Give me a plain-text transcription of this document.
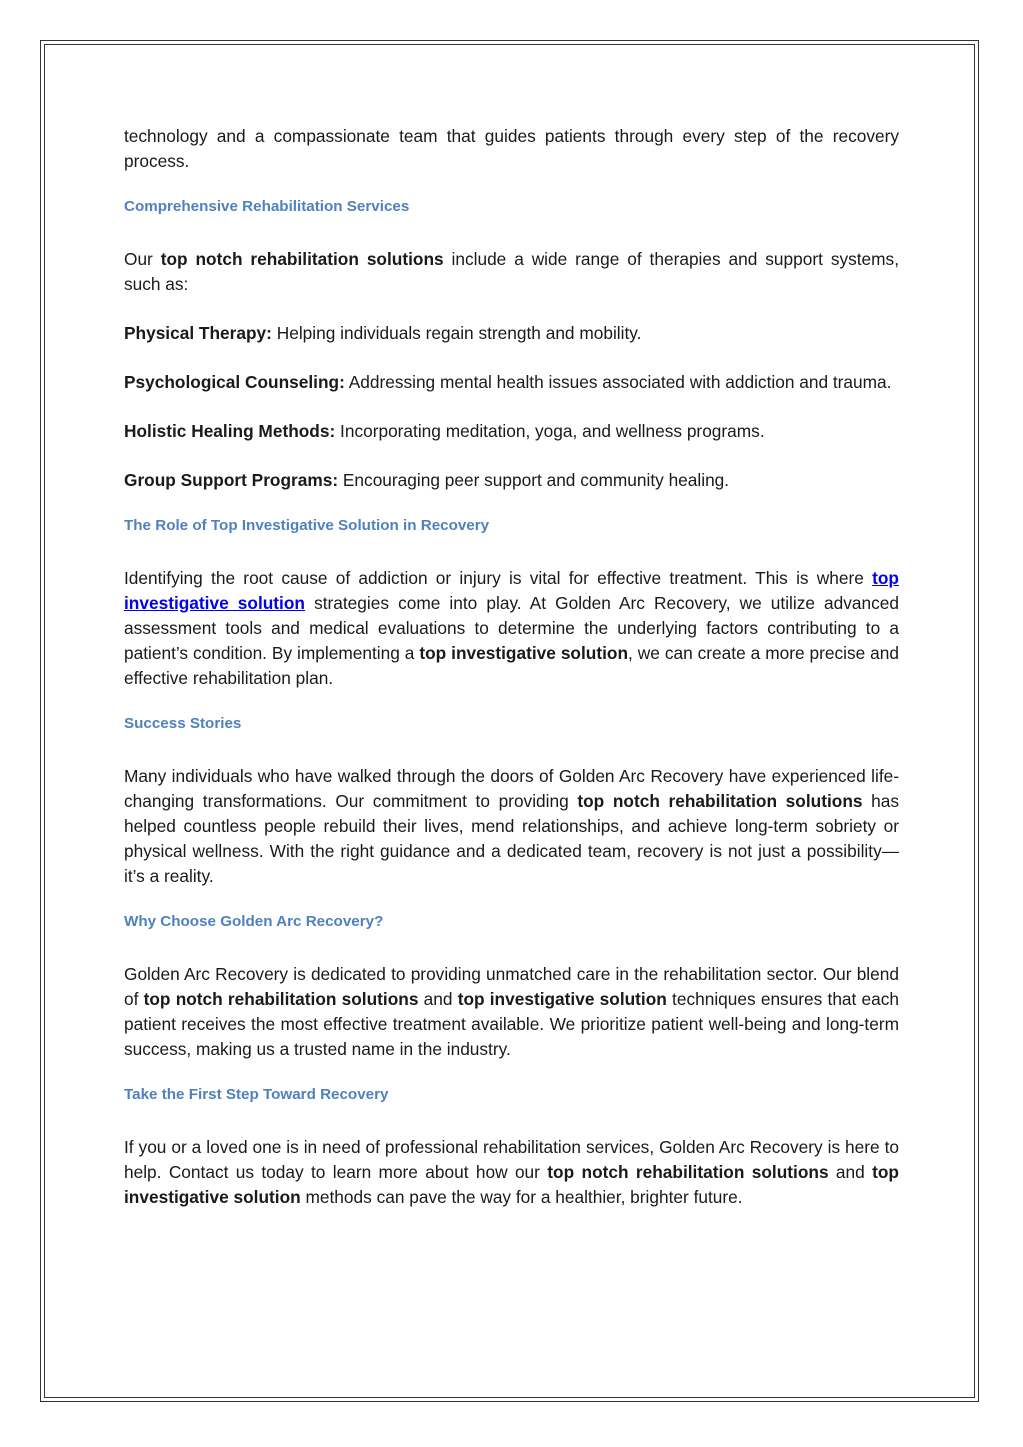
technology and a compassionate team that guides patients through every step of the recovery process.

Comprehensive Rehabilitation Services

Our top notch rehabilitation solutions include a wide range of therapies and support systems, such as:

Physical Therapy: Helping individuals regain strength and mobility.

Psychological Counseling: Addressing mental health issues associated with addiction and trauma.

Holistic Healing Methods: Incorporating meditation, yoga, and wellness programs.

Group Support Programs: Encouraging peer support and community healing.

The Role of Top Investigative Solution in Recovery

Identifying the root cause of addiction or injury is vital for effective treatment. This is where top investigative solution strategies come into play. At Golden Arc Recovery, we utilize advanced assessment tools and medical evaluations to determine the underlying factors contributing to a patient’s condition. By implementing a top investigative solution, we can create a more precise and effective rehabilitation plan.

Success Stories

Many individuals who have walked through the doors of Golden Arc Recovery have experienced life-changing transformations. Our commitment to providing top notch rehabilitation solutions has helped countless people rebuild their lives, mend relationships, and achieve long-term sobriety or physical wellness. With the right guidance and a dedicated team, recovery is not just a possibility—it’s a reality.

Why Choose Golden Arc Recovery?

Golden Arc Recovery is dedicated to providing unmatched care in the rehabilitation sector. Our blend of top notch rehabilitation solutions and top investigative solution techniques ensures that each patient receives the most effective treatment available. We prioritize patient well-being and long-term success, making us a trusted name in the industry.

Take the First Step Toward Recovery

If you or a loved one is in need of professional rehabilitation services, Golden Arc Recovery is here to help. Contact us today to learn more about how our top notch rehabilitation solutions and top investigative solution methods can pave the way for a healthier, brighter future.
